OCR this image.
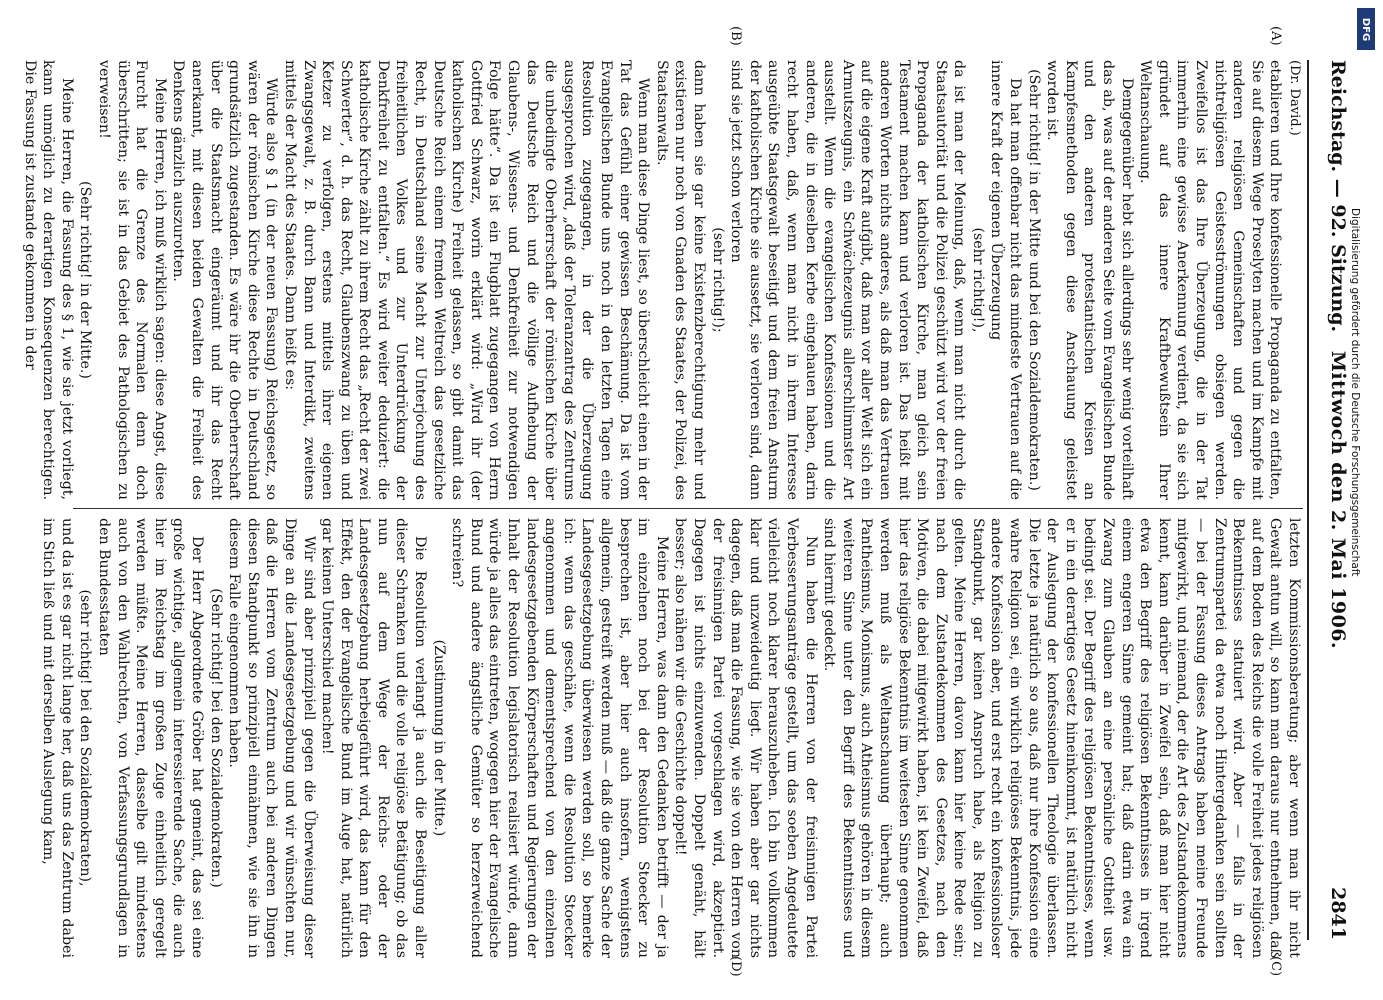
Reichstag. — 92. Sitzung.
Mittwoch den 2. Mai 1906.
2841
(A)
(B)
(C)
(D)

(Dr. David.)

etablieren und Ihre konfessionelle Propaganda zu entfalten, Sie auf diesem Wege Proselyten machen und im Kampfe mit anderen religiösen Gemeinschaften und gegen die nichtreligiösen Geistesströmungen obsiegen werden. Zweifellos ist das Ihre Überzeugung, die in der Tat immerhin eine gewisse Anerkennung verdient, da sie sich gründet auf das innere Kraftbewußtsein Ihrer Weltanschauung.

Demgegenüber hebt sich allerdings sehr wenig vorteilhaft das ab, was auf der anderen Seite vom Evangelischen Bunde und den anderen protestantischen Kreisen an Kampfesmethoden gegen diese Anschauung geleistet worden ist.

(Sehr richtig! in der Mitte und bei den Sozialdemokraten.)

Da hat man offenbar nicht das mindeste Vertrauen auf die innere Kraft der eigenen Überzeugung

(sehr richtig!),

da ist man der Meinung, daß, wenn man nicht durch die Staatsautorität und die Polizei geschützt wird vor der freien Propaganda der katholischen Kirche, man gleich sein Testament machen kann und verloren ist. Das heißt mit anderen Worten nichts anderes, als daß man das Vertrauen auf die eigene Kraft aufgibt, daß man vor aller Welt sich ein Armutszeugnis, ein Schwächezeugnis allerschlimmster Art ausstellt. Wenn die evangelischen Konfessionen und die anderen, die in dieselben Kerbe eingehauen haben, darin recht haben, daß, wenn man nicht in ihrem Interesse ausgeübte Staatsgewalt beseitigt und dem freien Ansturm der katholischen Kirche sie aussetzt, sie verloren sind, dann sind sie jetzt schon verloren

(sehr richtig!);

dann haben sie gar keine Existenzberechtigung mehr und existieren nur noch von Gnaden des Staates, der Polizei, des Staatsanwalts.

Wenn man diese Dinge liest, so überschleicht einen in der Tat das Gefühl einer gewissen Beschämung. Da ist vom Evangelischen Bunde uns noch in den letzten Tagen eine Resolution zugegangen, in der die Überzeugung ausgesprochen wird, „daß der Toleranzantrag des Zentrums die unbedingte Oberherrschaft der römischen Kirche über das Deutsche Reich und die völlige Aufhebung der Glaubens-, Wissens- und Denkfreiheit zur notwendigen Folge hätte“. Da ist ein Flugblatt zugegangen von Herrn Gottfried Schwarz, worin erklärt wird: „Wird ihr (der katholischen Kirche) Freiheit gelassen, so gibt damit das Deutsche Reich einem fremden Weltreich das gesetzliche Recht, in Deutschland seine Macht zur Unterjochung des freiheitlichen Volkes und zur Unterdrückung der Denkfreiheit zu entfalten.“ Es wird weiter deduziert: die katholische Kirche zählt zu ihrem Recht das „Recht der zwei Schwerter“, d. h. das Recht, Glaubenszwang zu üben und Ketzer zu verfolgen, erstens mittels ihrer eigenen Zwangsgewalt, z. B. durch Bann und Interdikt, zweitens mittels der Macht des Staates. Dann heißt es:

Würde also § 1 (in der neuen Fassung) Reichsgesetz, so wären der römischen Kirche diese Rechte in Deutschland grundsätzlich zugestanden. Es wäre ihr die Oberherrschaft über die Staatsmacht eingeräumt und ihr das Recht anerkannt, mit diesen beiden Gewalten die Freiheit des Denkens gänzlich auszurotten.

Meine Herren, ich muß wirklich sagen: diese Angst, diese Furcht hat die Grenze des Normalen denn doch überschritten; sie ist in das Gebiet des Pathologischen zu verweisen!

(Sehr richtig! in der Mitte.)

Meine Herren, die Fassung des § 1, wie sie jetzt vorliegt, kann unmöglich zu derartigen Konsequenzen berechtigen. Die Fassung ist zustande gekommen in der

letzten Kommissionsberatung; aber wenn man ihr nicht Gewalt antun will, so kann man daraus nur entnehmen, daß auf dem Boden des Reichs die volle Freiheit jedes religiösen Bekenntnisses statuiert wird. Aber — falls in der Zentrumspartei da etwa noch Hintergedanken sein sollten — bei der Fassung dieses Antrags haben meine Freunde mitgewirkt, und niemand, der die Art des Zustandekommens kennt, kann darüber in Zweifel sein, daß man hier nicht etwa den Begriff des religiösen Bekenntnisses in irgend einem engeren Sinne gemeint hat; daß darin etwa ein Zwang zum Glauben an eine persönliche Gottheit usw. bedingt sei. Der Begriff des religiösen Bekenntnisses, wenn er in ein derartiges Gesetz hineinkommt, ist natürlich nicht der Auslegung der konfessionellen Theologie überlassen. Die letzte ja natürlich so aus, daß nur ihre Konfession eine wahre Religion sei, ein wirklich religiöses Bekenntnis, jede andere Konfession aber, und erst recht ein konfessionsloser Standpunkt, gar keinen Anspruch habe, als Religion zu gelten. Meine Herren, davon kann hier keine Rede sein; nach dem Zustandekommen des Gesetzes, nach den Motiven, die dabei mitgewirkt haben, ist kein Zweifel, daß hier das religiöse Bekenntnis im weitesten Sinne genommen werden muß als Weltanschauung überhaupt; auch Pantheismus, Monismus, auch Atheismus gehören in diesem weiteren Sinne unter den Begriff des Bekenntnisses und sind hiermit gedeckt.

Nun haben die Herren von der freisinnigen Partei Verbesserungsanträge gestellt, um das soeben Angedeutete vielleicht noch klarer herauszuheben. Ich bin vollkommen klar und unzweideutig liegt. Wir haben aber gar nichts dagegen, daß man die Fassung, wie sie von den Herren von der freisinnigen Partei vorgeschlagen wird, akzeptiert. Dagegen ist nichts einzuwenden. Doppelt genäht, hält besser; also nähen wir die Geschichte doppelt!

Meine Herren, was dann den Gedanken betrifft — der ja im einzelnen noch bei der Resolution Stoecker zu besprechen ist, aber hier auch insofern, wenigstens allgemein, gestreift werden muß — daß die ganze Sache der Landesgesetzgebung überwiesen werden soll, so bemerke ich: wenn das geschähe, wenn die Resolution Stoecker angenommen und dementsprechend von den einzelnen landesgesetzgebenden Körperschaften und Regierungen der Inhalt der Resolution legislatorisch realisiert würde, dann würde ja alles das eintreten, wogegen hier der Evangelische Bund und andere ängstliche Gemüter so herzerweichend schreien?

(Zustimmung in der Mitte.)

Die Resolution verlangt ja auch die Beseitigung aller dieser Schranken und die volle religiöse Betätigung; ob das nun auf dem Wege der Reichs- oder der Landesgesetzgebung herbeigeführt wird, das kann für den Effekt, den der Evangelische Bund im Auge hat, natürlich gar keinen Unterschied machen!

Wir sind aber prinzipiell gegen die Überweisung dieser Dinge an die Landesgesetzgebung und wir wünschten nur, daß die Herren vom Zentrum auch bei anderen Dingen diesen Standpunkt so prinzipiell einnähmen, wie sie ihn in diesem Falle eingenommen haben.

(Sehr richtig! bei den Sozialdemokraten.)

Der Herr Abgeordnete Gröber hat gemeint, das sei eine große wichtige, allgemein interessierende Sache, die auch hier im Reichstag im großen Zuge einheitlich geregelt werden müßte. Meine Herren, dasselbe gilt mindestens auch von den Wahlrechten, von Verfassungsgrundlagen in den Bundesstaaten

(sehr richtig! bei den Sozialdemokraten),

und da ist es gar nicht lange her, daß uns das Zentrum dabei im Stich ließ und mit derselben Auslegung kam,

DFG
Digitalisierung gefördert durch die Deutsche Forschungsgemeinschaft
